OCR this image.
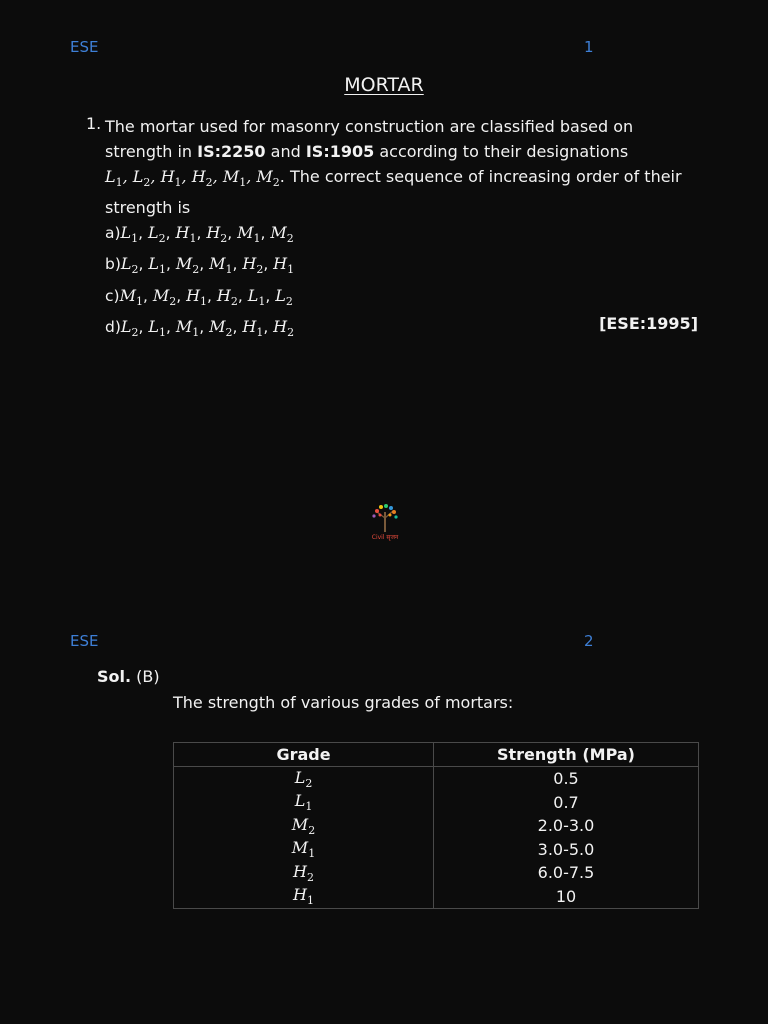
ESE	1
MORTAR
1. The mortar used for masonry construction are classified based on strength in IS:2250 and IS:1905 according to their designations
$L_1$, $L_2$, $H_1$, $H_2$, $M_1$, $M_2$. The correct sequence of increasing order of their strength is
$a)L_1$, $L_2$, $H_1$, $H_2$, $M_1$, $M_2$
$b)L_2$, $L_1$, $M_2$, $M_1$, $H_2$, $H_1$
$c)M_1$, $M_2$, $H_1$, $H_2$, $L_1$, $L_2$
$d)L_2$, $L_1$, $M_1$, $M_2$, $H_1$, $H_2$	[ESE:1995]
Civil सृजन
ESE	2
Sol. (B)
The strength of various grades of mortars:
Grade	Strength (MPa)
$L_2$	0.5
$L_1$	0.7
$M_2$	2.0-3.0
$M_1$	3.0-5.0
$H_2$	6.0-7.5
$H_1$	10
